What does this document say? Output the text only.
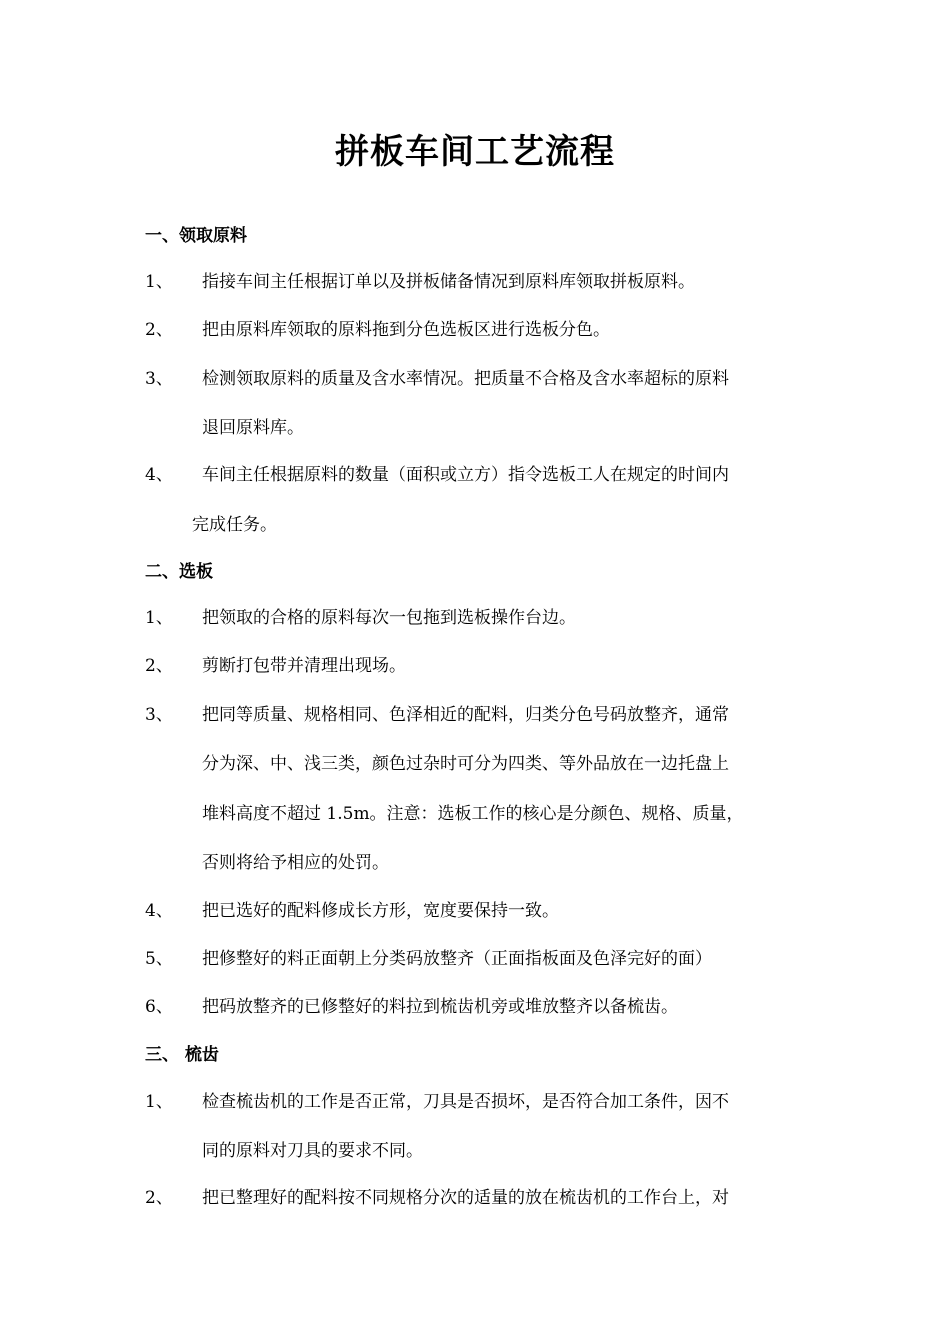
拼板车间工艺流程
一、领取原料
1、 指接车间主任根据订单以及拼板储备情况到原料库领取拼板原料。
2、 把由原料库领取的原料拖到分色选板区进行选板分色。
3、 检测领取原料的质量及含水率情况。把质量不合格及含水率超标的原料
退回原料库。
4、 车间主任根据原料的数量（面积或立方）指令选板工人在规定的时间内
完成任务。
二、选板
1、 把领取的合格的原料每次一包拖到选板操作台边。
2、 剪断打包带并清理出现场。
3、 把同等质量、规格相同、色泽相近的配料，归类分色号码放整齐，通常
分为深、中、浅三类，颜色过杂时可分为四类、等外品放在一边托盘上
堆料高度不超过 1.5m。注意：选板工作的核心是分颜色、规格、质量，
否则将给予相应的处罚。
4、 把已选好的配料修成长方形，宽度要保持一致。
5、 把修整好的料正面朝上分类码放整齐（正面指板面及色泽完好的面）
6、 把码放整齐的已修整好的料拉到梳齿机旁或堆放整齐以备梳齿。
三、 梳齿
1、 检查梳齿机的工作是否正常，刀具是否损坏，是否符合加工条件，因不
同的原料对刀具的要求不同。
2、 把已整理好的配料按不同规格分次的适量的放在梳齿机的工作台上，对
